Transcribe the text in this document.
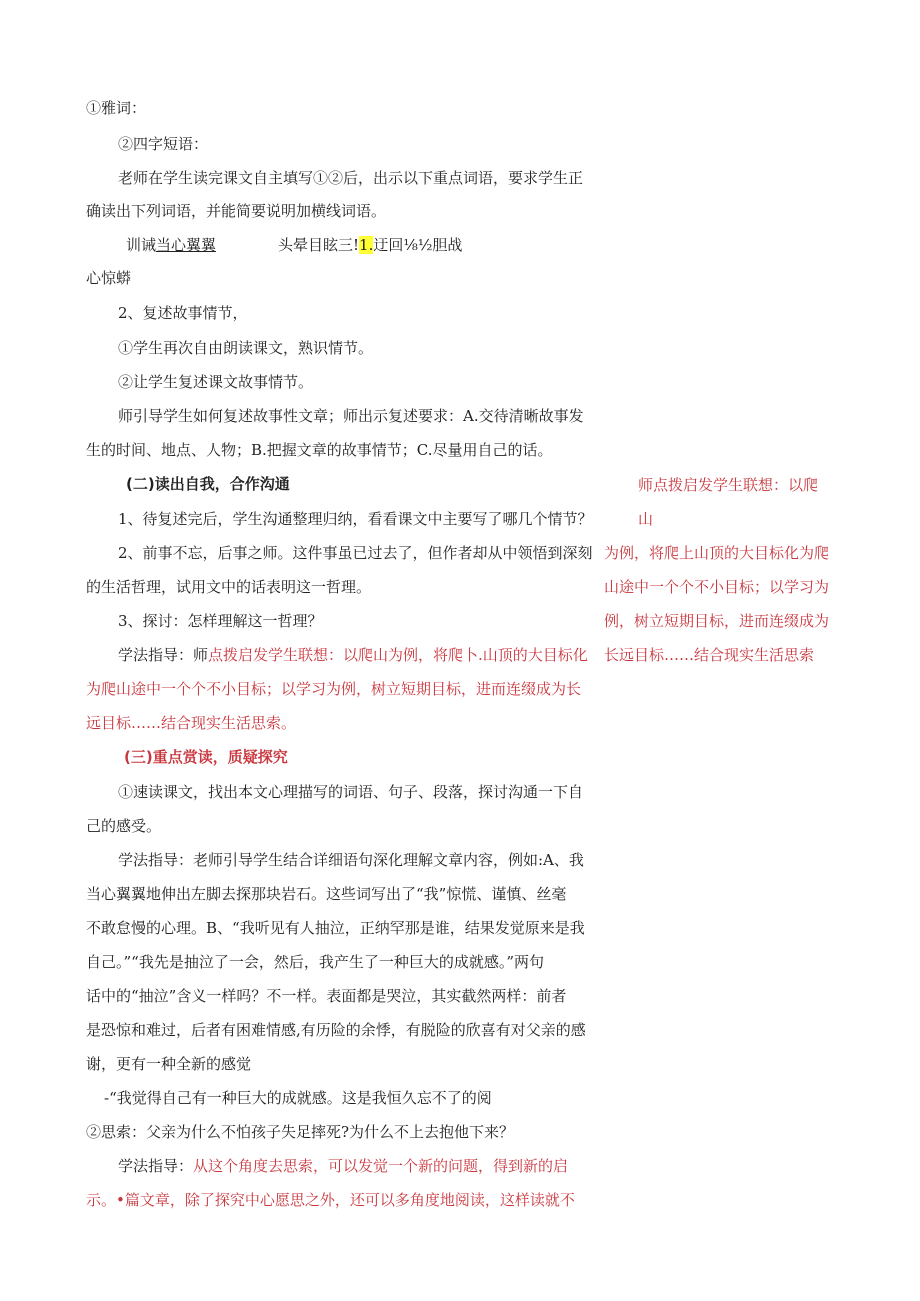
①雅词：
②四字短语：
老师在学生读完课文自主填写①②后，出示以下重点词语，要求学生正
确读出下列词语，并能简要说明加横线词语。
训诫当心翼翼	头晕目眩三!1.迂回⅛½胆战
心惊蟒
2、复述故事情节，
①学生再次自由朗读课文，熟识情节。
②让学生复述课文故事情节。
师引导学生如何复述故事性文章；师出示复述要求：A.交待清晰故事发
生的时间、地点、人物；B.把握文章的故事情节；C.尽量用自己的话。
(二)读出自我，合作沟通
1、待复述完后，学生沟通整理归纳，看看课文中主要写了哪几个情节？
2、前事不忘，后事之师。这件事虽已过去了，但作者却从中领悟到深刻
的生活哲理，试用文中的话表明这一哲理。
3、探讨：怎样理解这一哲理？
学法指导：师点拨启发学生联想：以爬山为例，将爬卜.山顶的大目标化
为爬山途中一个个不小目标；以学习为例，树立短期目标，进而连缀成为长
远目标……结合现实生活思索。
(三)重点赏读，质疑探究
①速读课文，找出本文心理描写的词语、句子、段落，探讨沟通一下自
己的感受。
学法指导：老师引导学生结合详细语句深化理解文章内容，例如:A、我
当心翼翼地伸出左脚去探那块岩石。这些词写出了“我”惊慌、谨慎、丝毫
不敢怠慢的心理。B、“我听见有人抽泣，正纳罕那是谁，结果发觉原来是我
自己。”“我先是抽泣了一会，然后，我产生了一种巨大的成就感。”两句
话中的“抽泣”含义一样吗？不一样。表面都是哭泣，其实截然两样：前者
是恐惊和难过，后者有困难情感,有历险的余悸，有脱险的欣喜有对父亲的感
谢，更有一种全新的感觉
-“我觉得自己有一种巨大的成就感。这是我恒久忘不了的阅
②思索：父亲为什么不怕孩子失足摔死?为什么不上去抱他下来？
学法指导：从这个角度去思索，可以发觉一个新的问题，得到新的启
示。•篇文章，除了探究中心愿思之外，还可以多角度地阅读，这样读就不
师点拨启发学生联想：以爬山
为例，将爬上山顶的大目标化为爬
山途中一个个不小目标；以学习为
例，树立短期目标，进而连缀成为
长远目标……结合现实生活思索
